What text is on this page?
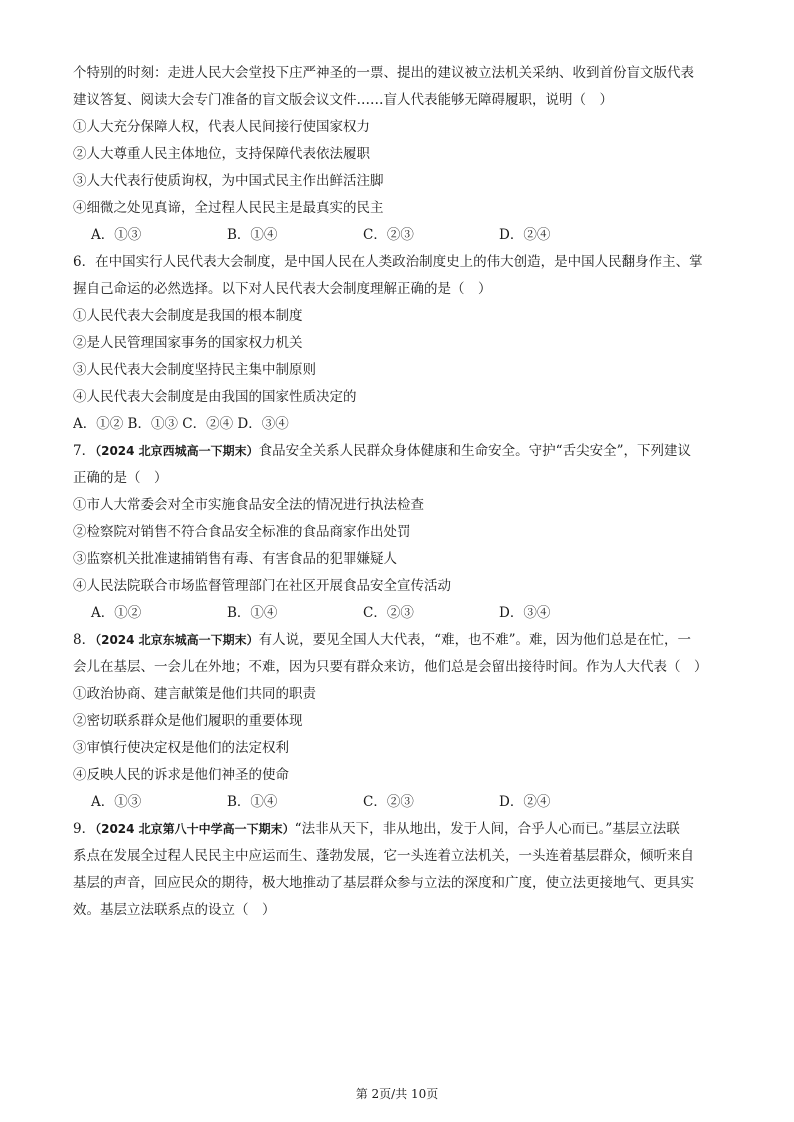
个特别的时刻：走进人民大会堂投下庄严神圣的一票、提出的建议被立法机关采纳、收到首份盲文版代表
建议答复、阅读大会专门准备的盲文版会议文件……盲人代表能够无障碍履职，说明（　）
①人大充分保障人权，代表人民间接行使国家权力
②人大尊重人民主体地位，支持保障代表依法履职
③人大代表行使质询权，为中国式民主作出鲜活注脚
④细微之处见真谛，全过程人民民主是最真实的民主
A．①③	B．①④	C．②③	D．②④
6．在中国实行人民代表大会制度，是中国人民在人类政治制度史上的伟大创造，是中国人民翻身作主、掌
握自己命运的必然选择。以下对人民代表大会制度理解正确的是（　）
①人民代表大会制度是我国的根本制度
②是人民管理国家事务的国家权力机关
③人民代表大会制度坚持民主集中制原则
④人民代表大会制度是由我国的国家性质决定的
A．①② B．①③ C．②④ D．③④
7．（2024 北京西城高一下期末）食品安全关系人民群众身体健康和生命安全。守护“舌尖安全”，下列建议
正确的是（　）
①市人大常委会对全市实施食品安全法的情况进行执法检查
②检察院对销售不符合食品安全标准的食品商家作出处罚
③监察机关批准逮捕销售有毒、有害食品的犯罪嫌疑人
④人民法院联合市场监督管理部门在社区开展食品安全宣传活动
A．①②	B．①④	C．②③	D．③④
8．（2024 北京东城高一下期末）有人说，要见全国人大代表，“难，也不难”。难，因为他们总是在忙，一
会儿在基层、一会儿在外地；不难，因为只要有群众来访，他们总是会留出接待时间。作为人大代表（　）
①政治协商、建言献策是他们共同的职责
②密切联系群众是他们履职的重要体现
③审慎行使决定权是他们的法定权利
④反映人民的诉求是他们神圣的使命
A．①③	B．①④	C．②③	D．②④
9．（2024 北京第八十中学高一下期末）“法非从天下，非从地出，发于人间，合乎人心而已。”基层立法联
系点在发展全过程人民民主中应运而生、蓬勃发展，它一头连着立法机关，一头连着基层群众，倾听来自
基层的声音，回应民众的期待，极大地推动了基层群众参与立法的深度和广度，使立法更接地气、更具实
效。基层立法联系点的设立（　）
第 2页/共 10页
